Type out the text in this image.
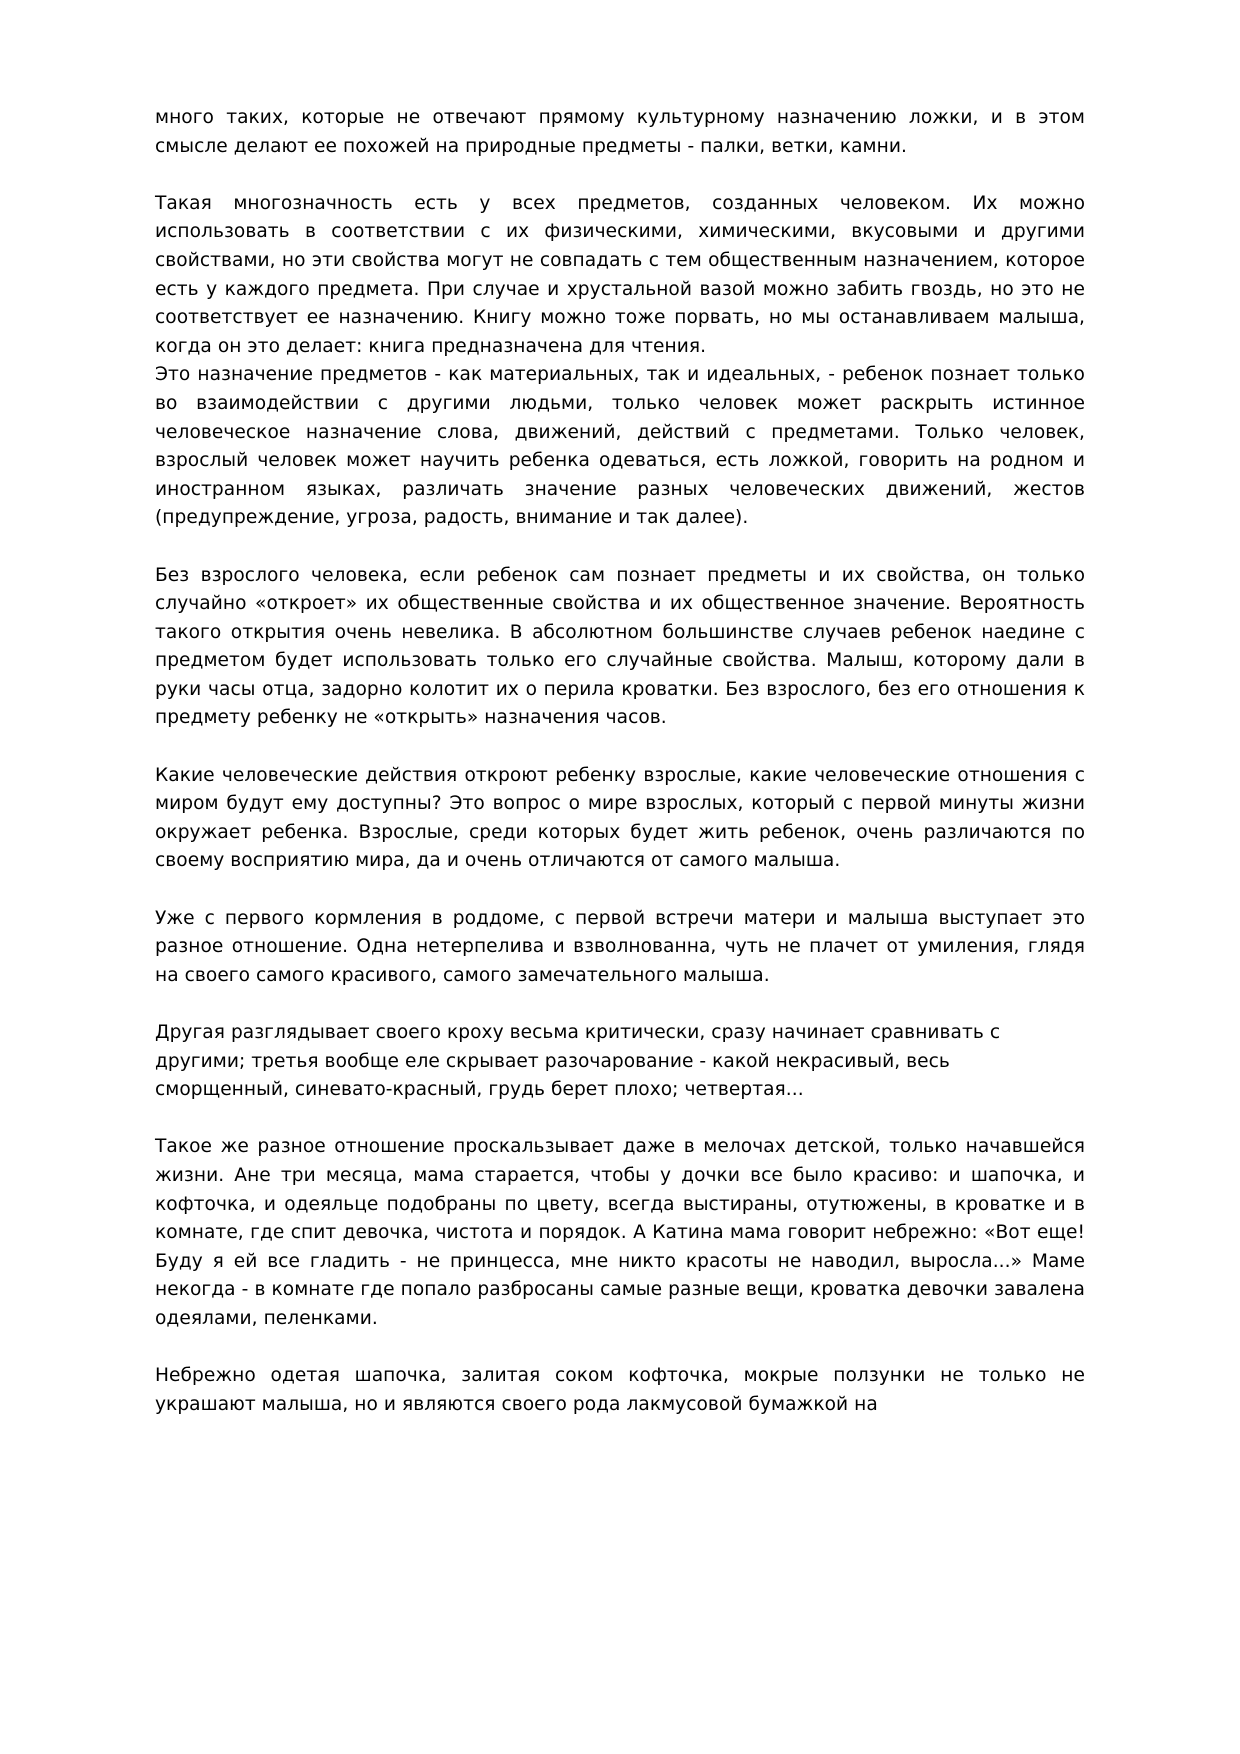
много таких, которые не отвечают прямому культурному назначению ложки, и в этом смысле делают ее похожей на природные предметы - палки, ветки, камни.

Такая многозначность есть у всех предметов, созданных человеком. Их можно использовать в соответствии с их физическими, химическими, вкусовыми и другими свойствами, но эти свойства могут не совпадать с тем общественным назначением, которое есть у каждого предмета. При случае и хрустальной вазой можно забить гвоздь, но это не соответствует ее назначению. Книгу можно тоже порвать, но мы останавливаем малыша, когда он это делает: книга предназначена для чтения.

Это назначение предметов - как материальных, так и идеальных, - ребенок познает только во взаимодействии с другими людьми, только человек может раскрыть истинное человеческое назначение слова, движений, действий с предметами. Только человек, взрослый человек может научить ребенка одеваться, есть ложкой, говорить на родном и иностранном языках, различать значение разных человеческих движений, жестов (предупреждение, угроза, радость, внимание и так далее).

Без взрослого человека, если ребенок сам познает предметы и их свойства, он только случайно «откроет» их общественные свойства и их общественное значение. Вероятность такого открытия очень невелика. В абсолютном большинстве случаев ребенок наедине с предметом будет использовать только его случайные свойства. Малыш, которому дали в руки часы отца, задорно колотит их о перила кроватки. Без взрослого, без его отношения к предмету ребенку не «открыть» назначения часов.

Какие человеческие действия откроют ребенку взрослые, какие человеческие отношения с миром будут ему доступны? Это вопрос о мире взрослых, который с первой минуты жизни окружает ребенка. Взрослые, среди которых будет жить ребенок, очень различаются по своему восприятию мира, да и очень отличаются от самого малыша.

Уже с первого кормления в роддоме, с первой встречи матери и малыша выступает это разное отношение. Одна нетерпелива и взволнованна, чуть не плачет от умиления, глядя на своего самого красивого, самого замечательного малыша.

Другая разглядывает своего кроху весьма критически, сразу начинает сравнивать с другими; третья вообще еле скрывает разочарование - какой некрасивый, весь сморщенный, синевато-красный, грудь берет плохо; четвертая...

Такое же разное отношение проскальзывает даже в мелочах детской, только начавшейся жизни. Ане три месяца, мама старается, чтобы у дочки все было красиво: и шапочка, и кофточка, и одеяльце подобраны по цвету, всегда выстираны, отутюжены, в кроватке и в комнате, где спит девочка, чистота и порядок. А Катина мама говорит небрежно: «Вот еще! Буду я ей все гладить - не принцесса, мне никто красоты не наводил, выросла...» Маме некогда - в комнате где попало разбросаны самые разные вещи, кроватка девочки завалена одеялами, пеленками.

Небрежно одетая шапочка, залитая соком кофточка, мокрые ползунки не только не украшают малыша, но и являются своего рода лакмусовой бумажкой на
